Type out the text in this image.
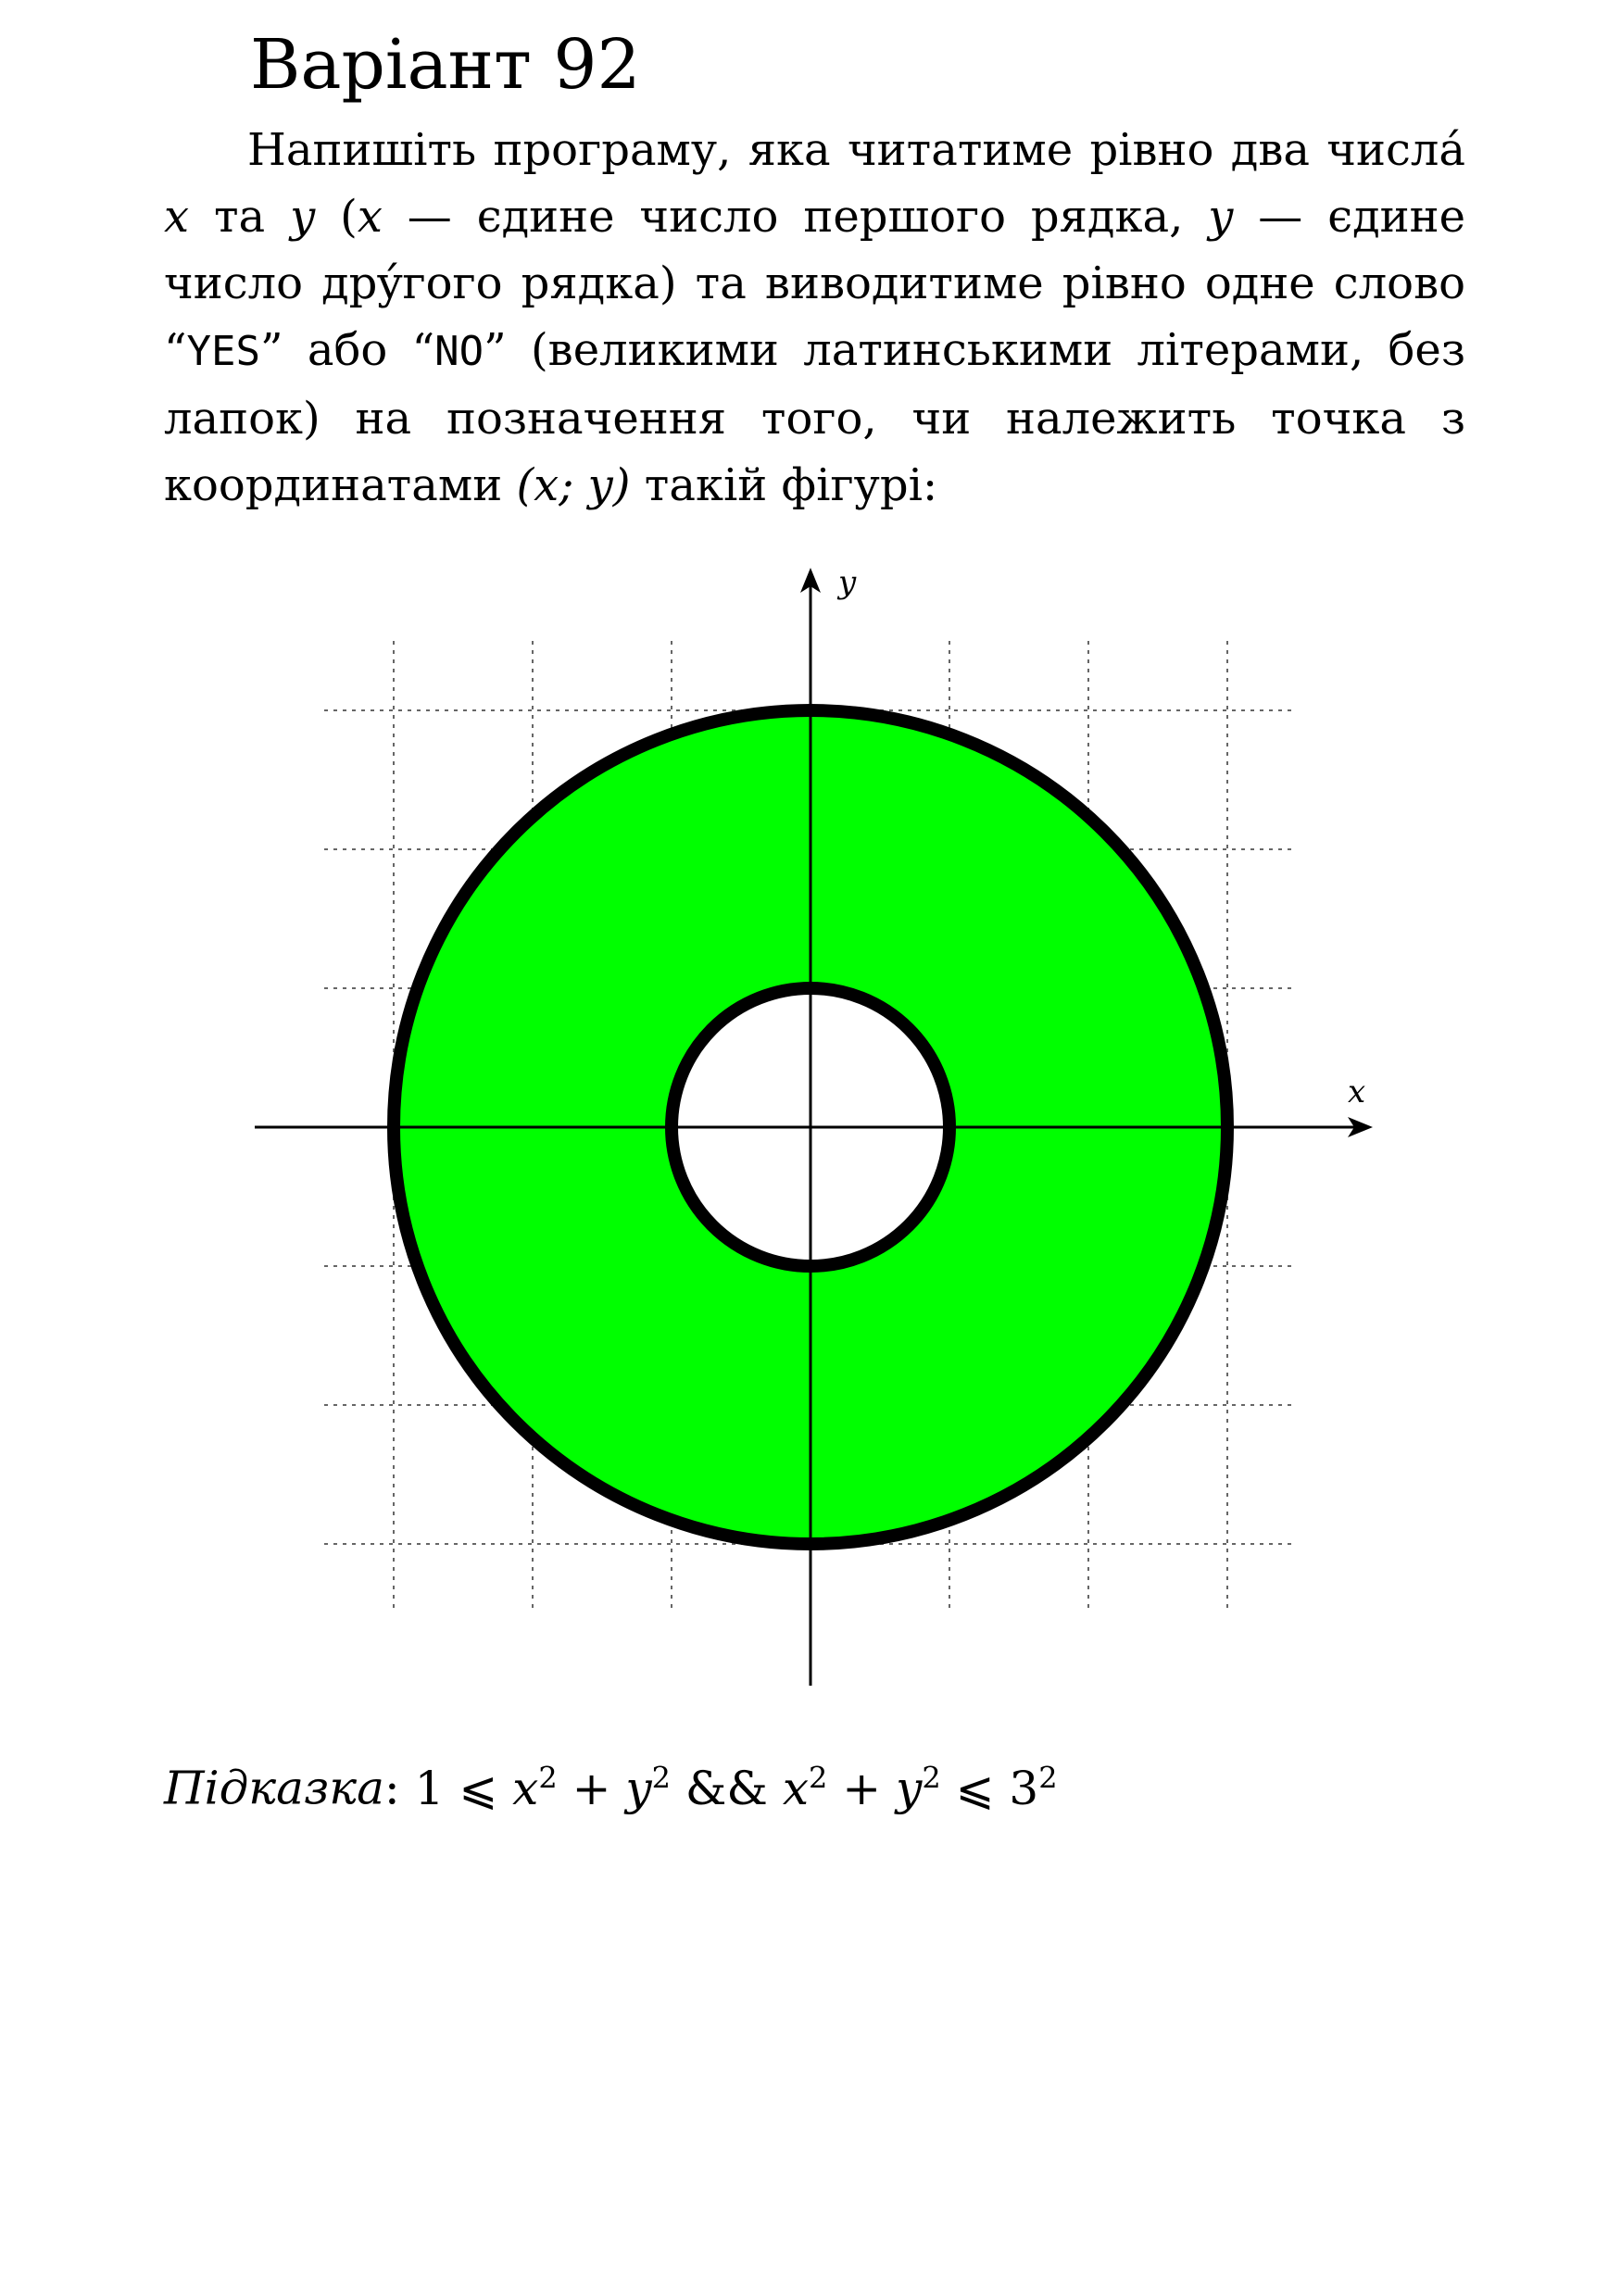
Варіант 92

Напишіть програму, яка читатиме рівно два числá x та y (x — єдине число першого рядка, y — єдине число дрýгого рядка) та виводитиме рівно одне слово “YES” або “NO” (великими латинськими літерами, без лапок) на позначення того, чи належить точка з координатами (x; y) такій фігурі:

x
y

Підказка: 1 ⩽ $x^2 + y^2$ && $x^2 + y^2$ ⩽ $3^2$
